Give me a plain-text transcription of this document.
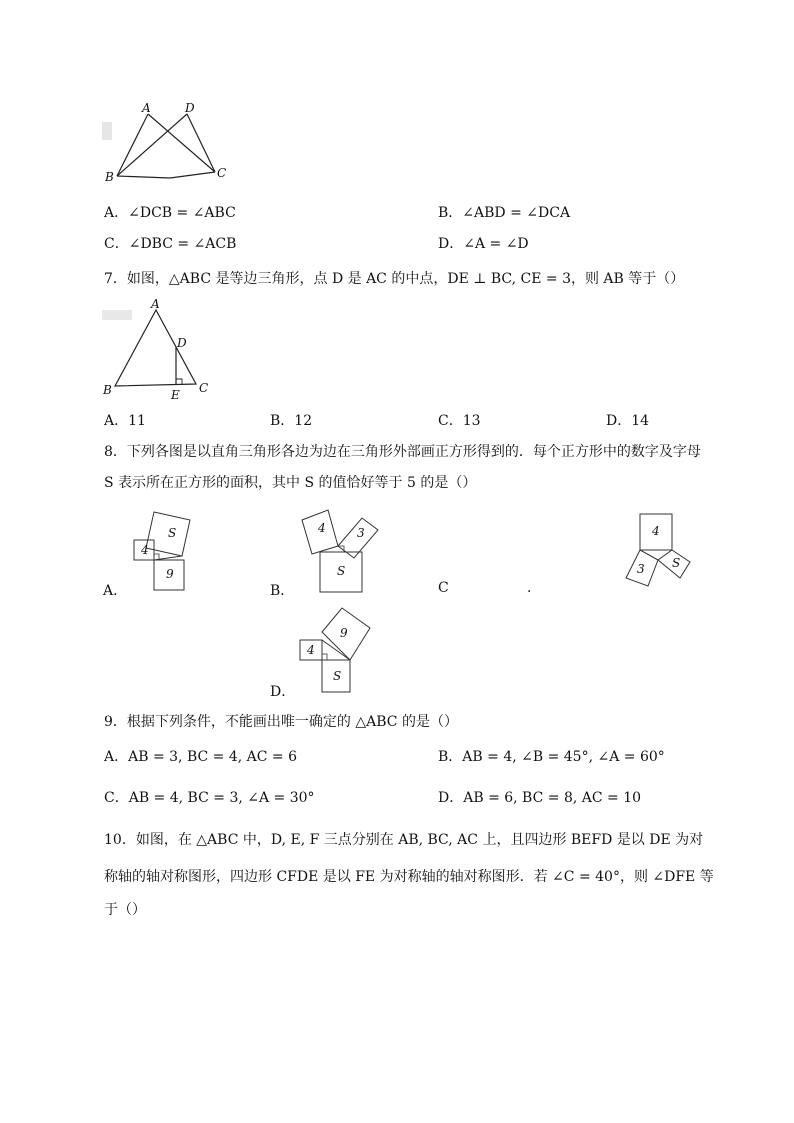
A	D
B	C
A．∠DCB = ∠ABC	B．∠ABD = ∠DCA
C．∠DBC = ∠ACB	D．∠A = ∠D
7．如图，△ABC 是等边三角形，点 D 是 AC 的中点，DE ⊥ BC, CE = 3，则 AB 等于（）
A
D
B	E C
A．11	B．12	C．13	D．14
8．下列各图是以直角三角形各边为边在三角形外部画正方形得到的．每个正方形中的数字及字母
S 表示所在正方形的面积，其中 S 的值恰好等于 5 的是（）
S
4
9
A．
4	3
S
B．	C	.
4
3 S
9
4
S
D．
9．根据下列条件，不能画出唯一确定的 △ABC 的是（）
A．AB = 3, BC = 4, AC = 6	B．AB = 4, ∠B = 45°, ∠A = 60°
C．AB = 4, BC = 3, ∠A = 30°	D．AB = 6, BC = 8, AC = 10
10．如图，在 △ABC 中，D, E, F 三点分别在 AB, BC, AC 上，且四边形 BEFD 是以 DE 为对
称轴的轴对称图形，四边形 CFDE 是以 FE 为对称轴的轴对称图形．若 ∠C = 40°，则 ∠DFE 等
于（）
